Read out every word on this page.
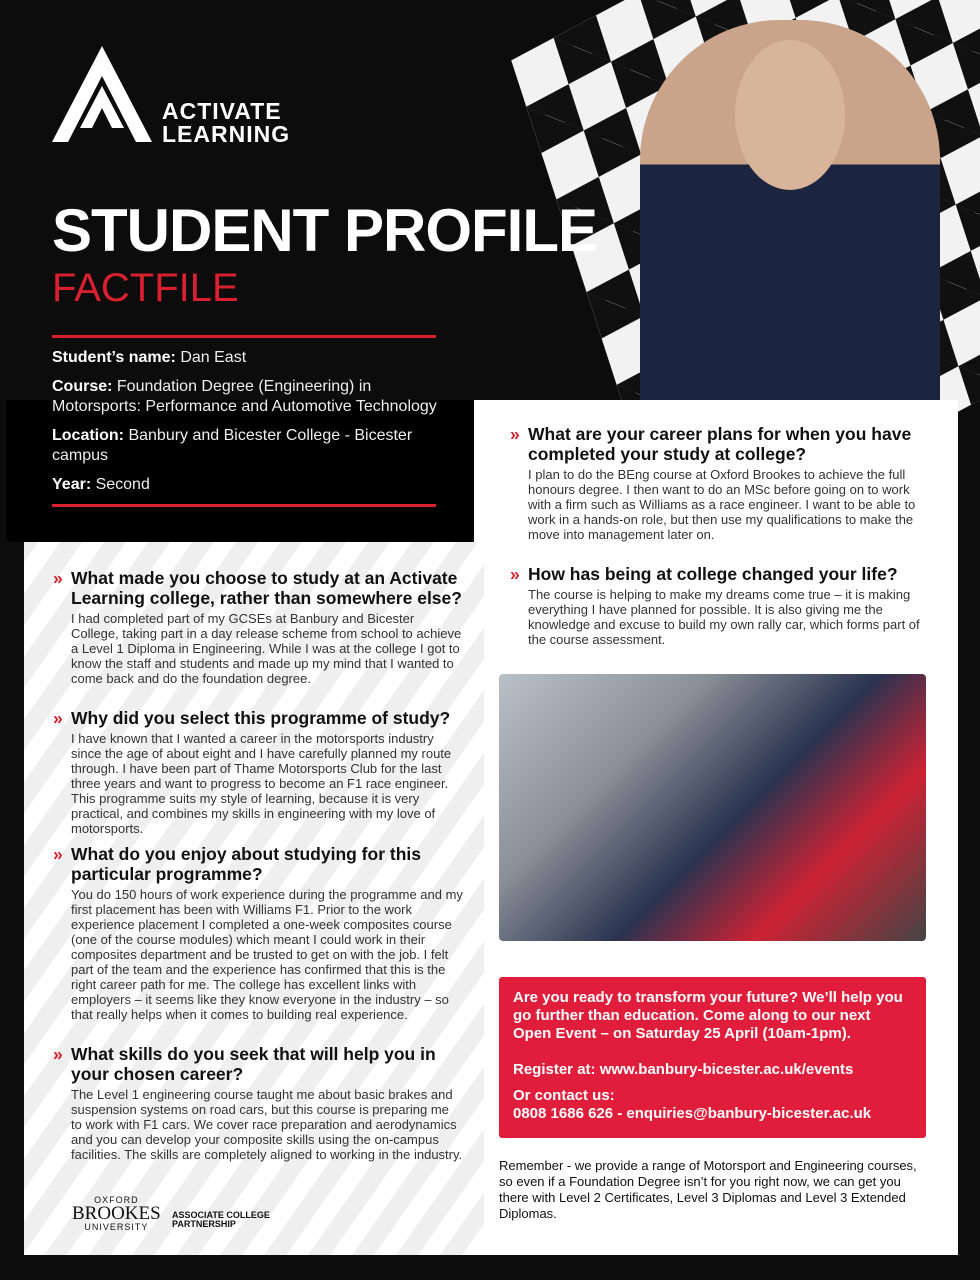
ACTIVATE
LEARNING
STUDENT PROFILE
FACTFILE

Student’s name: Dan East

Course: Foundation Degree (Engineering) in Motorsports: Performance and Automotive Technology

Location: Banbury and Bicester College - Bicester campus

Year: Second

» What made you choose to study at an Activate Learning college, rather than somewhere else?
I had completed part of my GCSEs at Banbury and Bicester College, taking part in a day release scheme from school to achieve a Level 1 Diploma in Engineering. While I was at the college I got to know the staff and students and made up my mind that I wanted to come back and do the foundation degree.
» Why did you select this programme of study?
I have known that I wanted a career in the motorsports industry since the age of about eight and I have carefully planned my route through. I have been part of Thame Motorsports Club for the last three years and want to progress to become an F1 race engineer. This programme suits my style of learning, because it is very practical, and combines my skills in engineering with my love of motorsports.
» What do you enjoy about studying for this particular programme?
You do 150 hours of work experience during the programme and my first placement has been with Williams F1. Prior to the work experience placement I completed a one-week composites course (one of the course modules) which meant I could work in their composites department and be trusted to get on with the job. I felt part of the team and the experience has confirmed that this is the right career path for me. The college has excellent links with employers – it seems like they know everyone in the industry – so that really helps when it comes to building real experience.
» What skills do you seek that will help you in your chosen career?
The Level 1 engineering course taught me about basic brakes and suspension systems on road cars, but this course is preparing me to work with F1 cars. We cover race preparation and aerodynamics and you can develop your composite skills using the on-campus facilities. The skills are completely aligned to working in the industry.
» What are your career plans for when you have completed your study at college?
I plan to do the BEng course at Oxford Brookes to achieve the full honours degree. I then want to do an MSc before going on to work with a firm such as Williams as a race engineer. I want to be able to work in a hands-on role, but then use my qualifications to make the move into management later on.
» How has being at college changed your life?
The course is helping to make my dreams come true – it is making everything I have planned for possible. It is also giving me the knowledge and excuse to build my own rally car, which forms part of the course assessment.

Are you ready to transform your future? We’ll help you go further than education. Come along to our next Open Event – on Saturday 25 April (10am-1pm).

Register at: www.banbury-bicester.ac.uk/events

Or contact us:
0808 1686 626 - enquiries@banbury-bicester.ac.uk
Remember - we provide a range of Motorsport and Engineering courses, so even if a Foundation Degree isn’t for you right now, we can get you there with Level 2 Certificates, Level 3 Diplomas and Level 3 Extended Diplomas.
OXFORD
BROOKES
UNIVERSITY
ASSOCIATE COLLEGE
PARTNERSHIP
